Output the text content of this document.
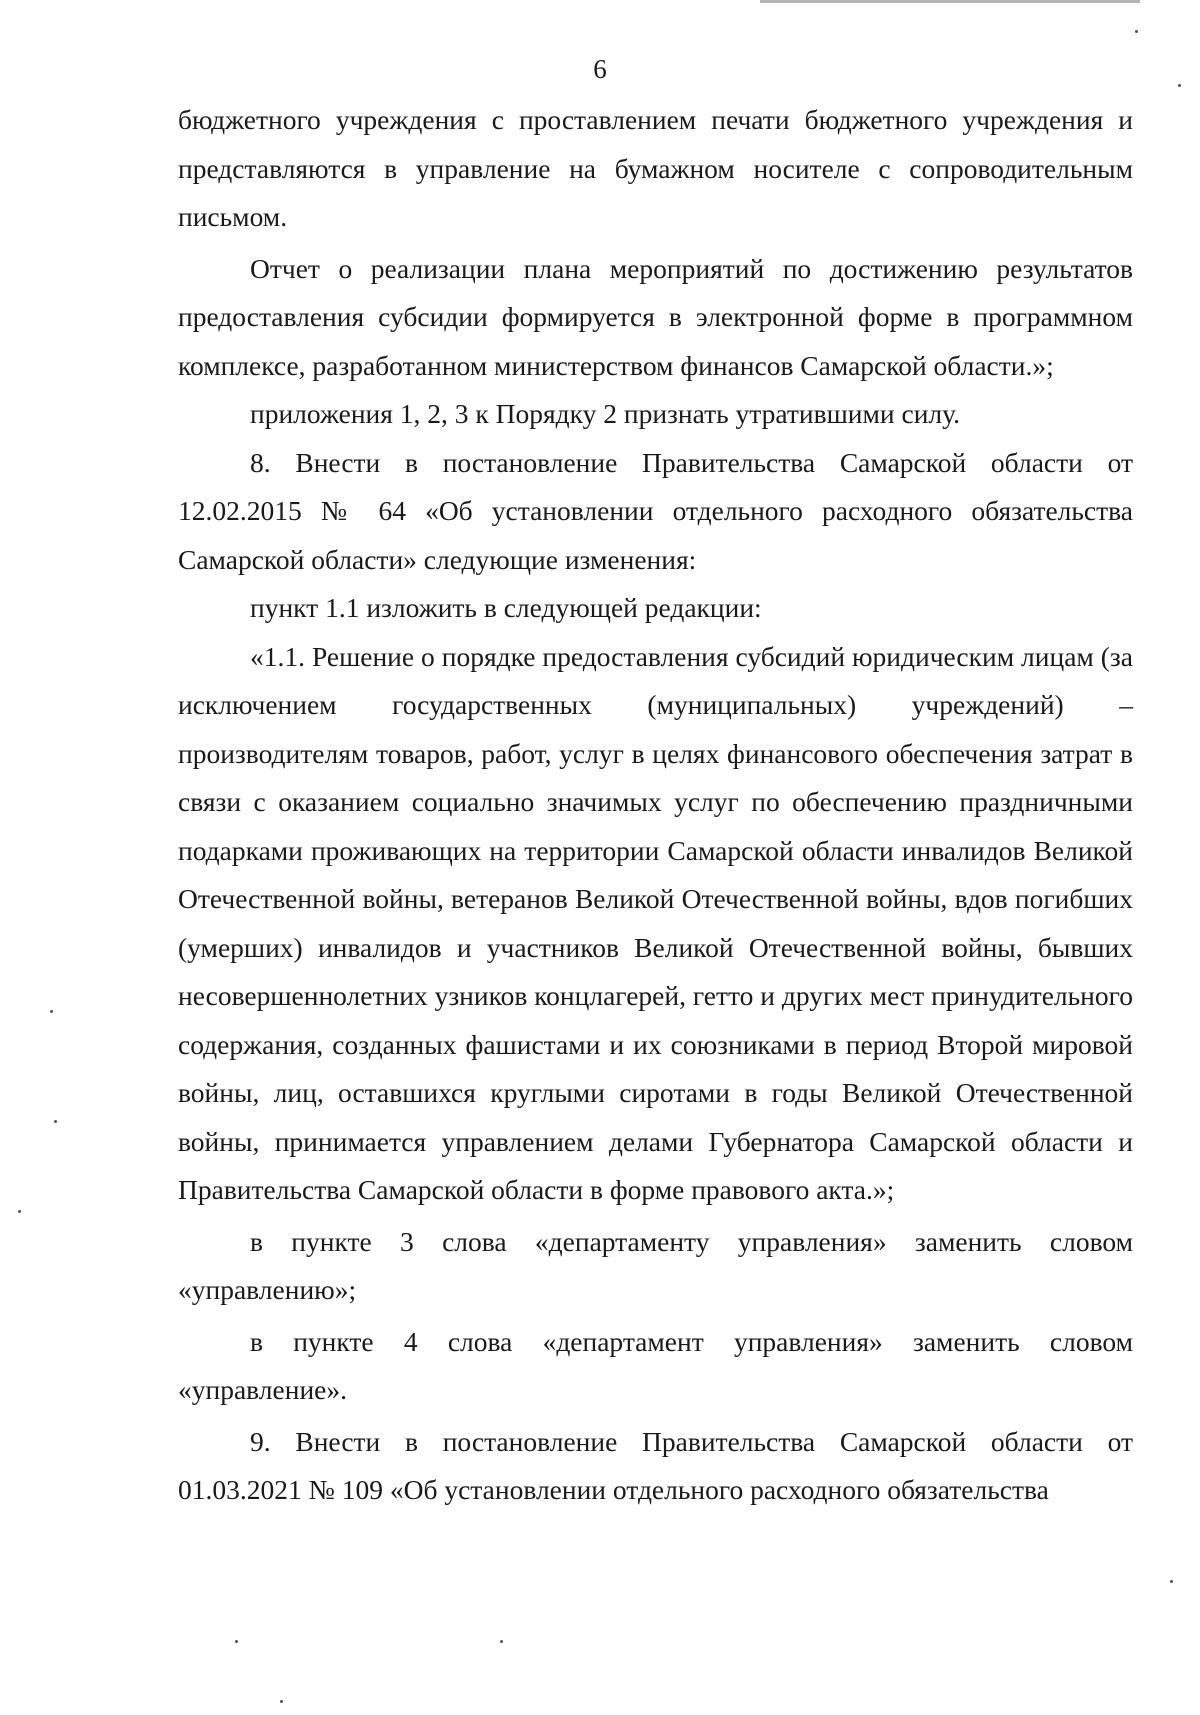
6

бюджетного учреждения с проставлением печати бюджетного учреждения и представляются в управление на бумажном носителе с сопроводительным письмом.

Отчет о реализации плана мероприятий по достижению результатов предоставления субсидии формируется в электронной форме в программном комплексе, разработанном министерством финансов Самарской области.»;

приложения 1, 2, 3 к Порядку 2 признать утратившими силу.

8. Внести в постановление Правительства Самарской области от 12.02.2015 № 64 «Об установлении отдельного расходного обязательства Самарской области» следующие изменения:

пункт 1.1 изложить в следующей редакции:

«1.1. Решение о порядке предоставления субсидий юридическим лицам (за исключением государственных (муниципальных) учреждений) – производителям товаров, работ, услуг в целях финансового обеспечения затрат в связи с оказанием социально значимых услуг по обеспечению праздничными подарками проживающих на территории Самарской области инвалидов Великой Отечественной войны, ветеранов Великой Отечественной войны, вдов погибших (умерших) инвалидов и участников Великой Отечественной войны, бывших несовершеннолетних узников концлагерей, гетто и других мест принудительного содержания, созданных фашистами и их союзниками в период Второй мировой войны, лиц, оставшихся круглыми сиротами в годы Великой Отечественной войны, принимается управлением делами Губернатора Самарской области и Правительства Самарской области в форме правового акта.»;

в пункте 3 слова «департаменту управления» заменить словом «управлению»;

в пункте 4 слова «департамент управления» заменить словом «управление».

9. Внести в постановление Правительства Самарской области от 01.03.2021 № 109 «Об установлении отдельного расходного обязательства
